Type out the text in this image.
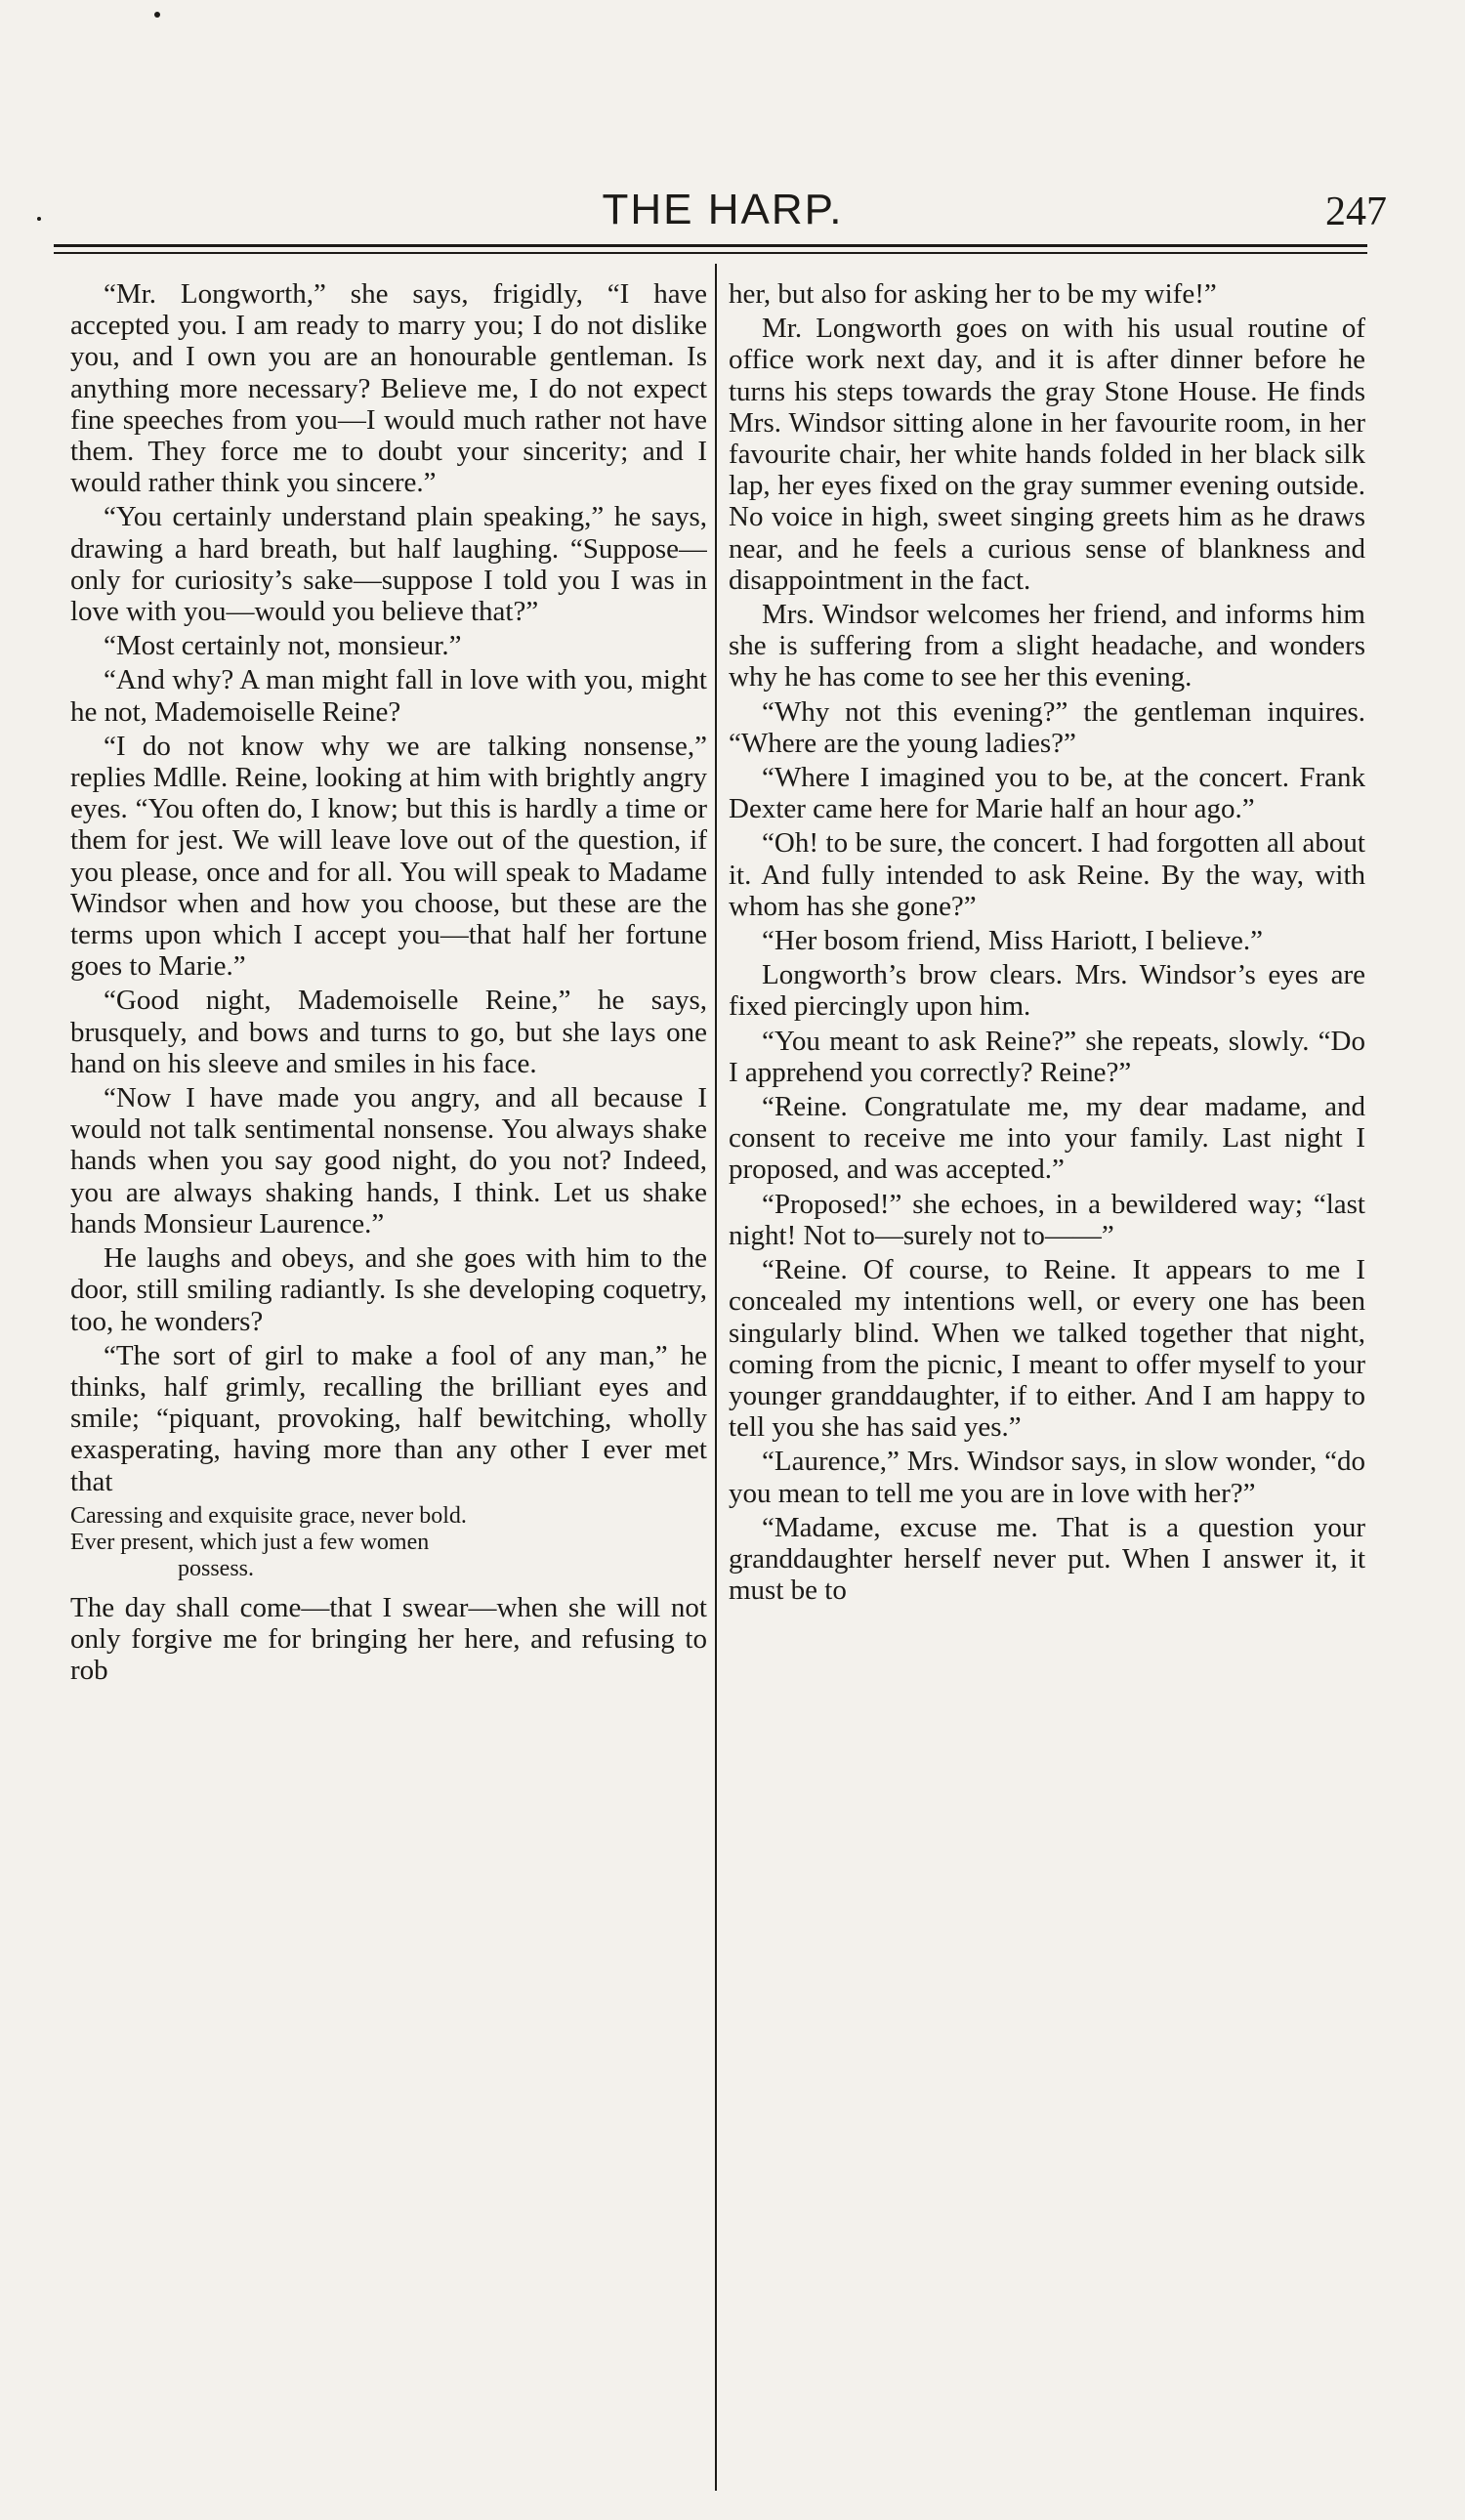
THE HARP.	247

“Mr. Longworth,” she says, frigidly, “I have accepted you. I am ready to marry you; I do not dislike you, and I own you are an honourable gentleman. Is anything more necessary? Believe me, I do not expect fine speeches from you—I would much rather not have them. They force me to doubt your sincerity; and I would rather think you sincere.”

“You certainly understand plain speaking,” he says, drawing a hard breath, but half laughing. “Suppose—only for curiosity’s sake—suppose I told you I was in love with you—would you believe that?”

“Most certainly not, monsieur.”

“And why? A man might fall in love with you, might he not, Mademoiselle Reine?

“I do not know why we are talking nonsense,” replies Mdlle. Reine, looking at him with brightly angry eyes. “You often do, I know; but this is hardly a time or them for jest. We will leave love out of the question, if you please, once and for all. You will speak to Madame Windsor when and how you choose, but these are the terms upon which I accept you—that half her fortune goes to Marie.”

“Good night, Mademoiselle Reine,” he says, brusquely, and bows and turns to go, but she lays one hand on his sleeve and smiles in his face.

“Now I have made you angry, and all because I would not talk sentimental nonsense. You always shake hands when you say good night, do you not? Indeed, you are always shaking hands, I think. Let us shake hands Monsieur Laurence.”

He laughs and obeys, and she goes with him to the door, still smiling radiantly. Is she developing coquetry, too, he wonders?

“The sort of girl to make a fool of any man,” he thinks, half grimly, recalling the brilliant eyes and smile; “piquant, provoking, half bewitching, wholly exasperating, having more than any other I ever met that

Caressing and exquisite grace, never bold.
Ever present, which just a few women
possess.

The day shall come—that I swear—when she will not only forgive me for bringing her here, and refusing to rob

her, but also for asking her to be my wife!”

Mr. Longworth goes on with his usual routine of office work next day, and it is after dinner before he turns his steps towards the gray Stone House. He finds Mrs. Windsor sitting alone in her favourite room, in her favourite chair, her white hands folded in her black silk lap, her eyes fixed on the gray summer evening outside. No voice in high, sweet singing greets him as he draws near, and he feels a curious sense of blankness and disappointment in the fact.

Mrs. Windsor welcomes her friend, and informs him she is suffering from a slight headache, and wonders why he has come to see her this evening.

“Why not this evening?” the gentleman inquires. “Where are the young ladies?”

“Where I imagined you to be, at the concert. Frank Dexter came here for Marie half an hour ago.”

“Oh! to be sure, the concert. I had forgotten all about it. And fully intended to ask Reine. By the way, with whom has she gone?”

“Her bosom friend, Miss Hariott, I believe.”

Longworth’s brow clears. Mrs. Windsor’s eyes are fixed piercingly upon him.

“You meant to ask Reine?” she repeats, slowly. “Do I apprehend you correctly? Reine?”

“Reine. Congratulate me, my dear madame, and consent to receive me into your family. Last night I proposed, and was accepted.”

“Proposed!” she echoes, in a bewildered way; “last night! Not to—surely not to——”

“Reine. Of course, to Reine. It appears to me I concealed my intentions well, or every one has been singularly blind. When we talked together that night, coming from the picnic, I meant to offer myself to your younger granddaughter, if to either. And I am happy to tell you she has said yes.”

“Laurence,” Mrs. Windsor says, in slow wonder, “do you mean to tell me you are in love with her?”

“Madame, excuse me. That is a question your granddaughter herself never put. When I answer it, it must be to
